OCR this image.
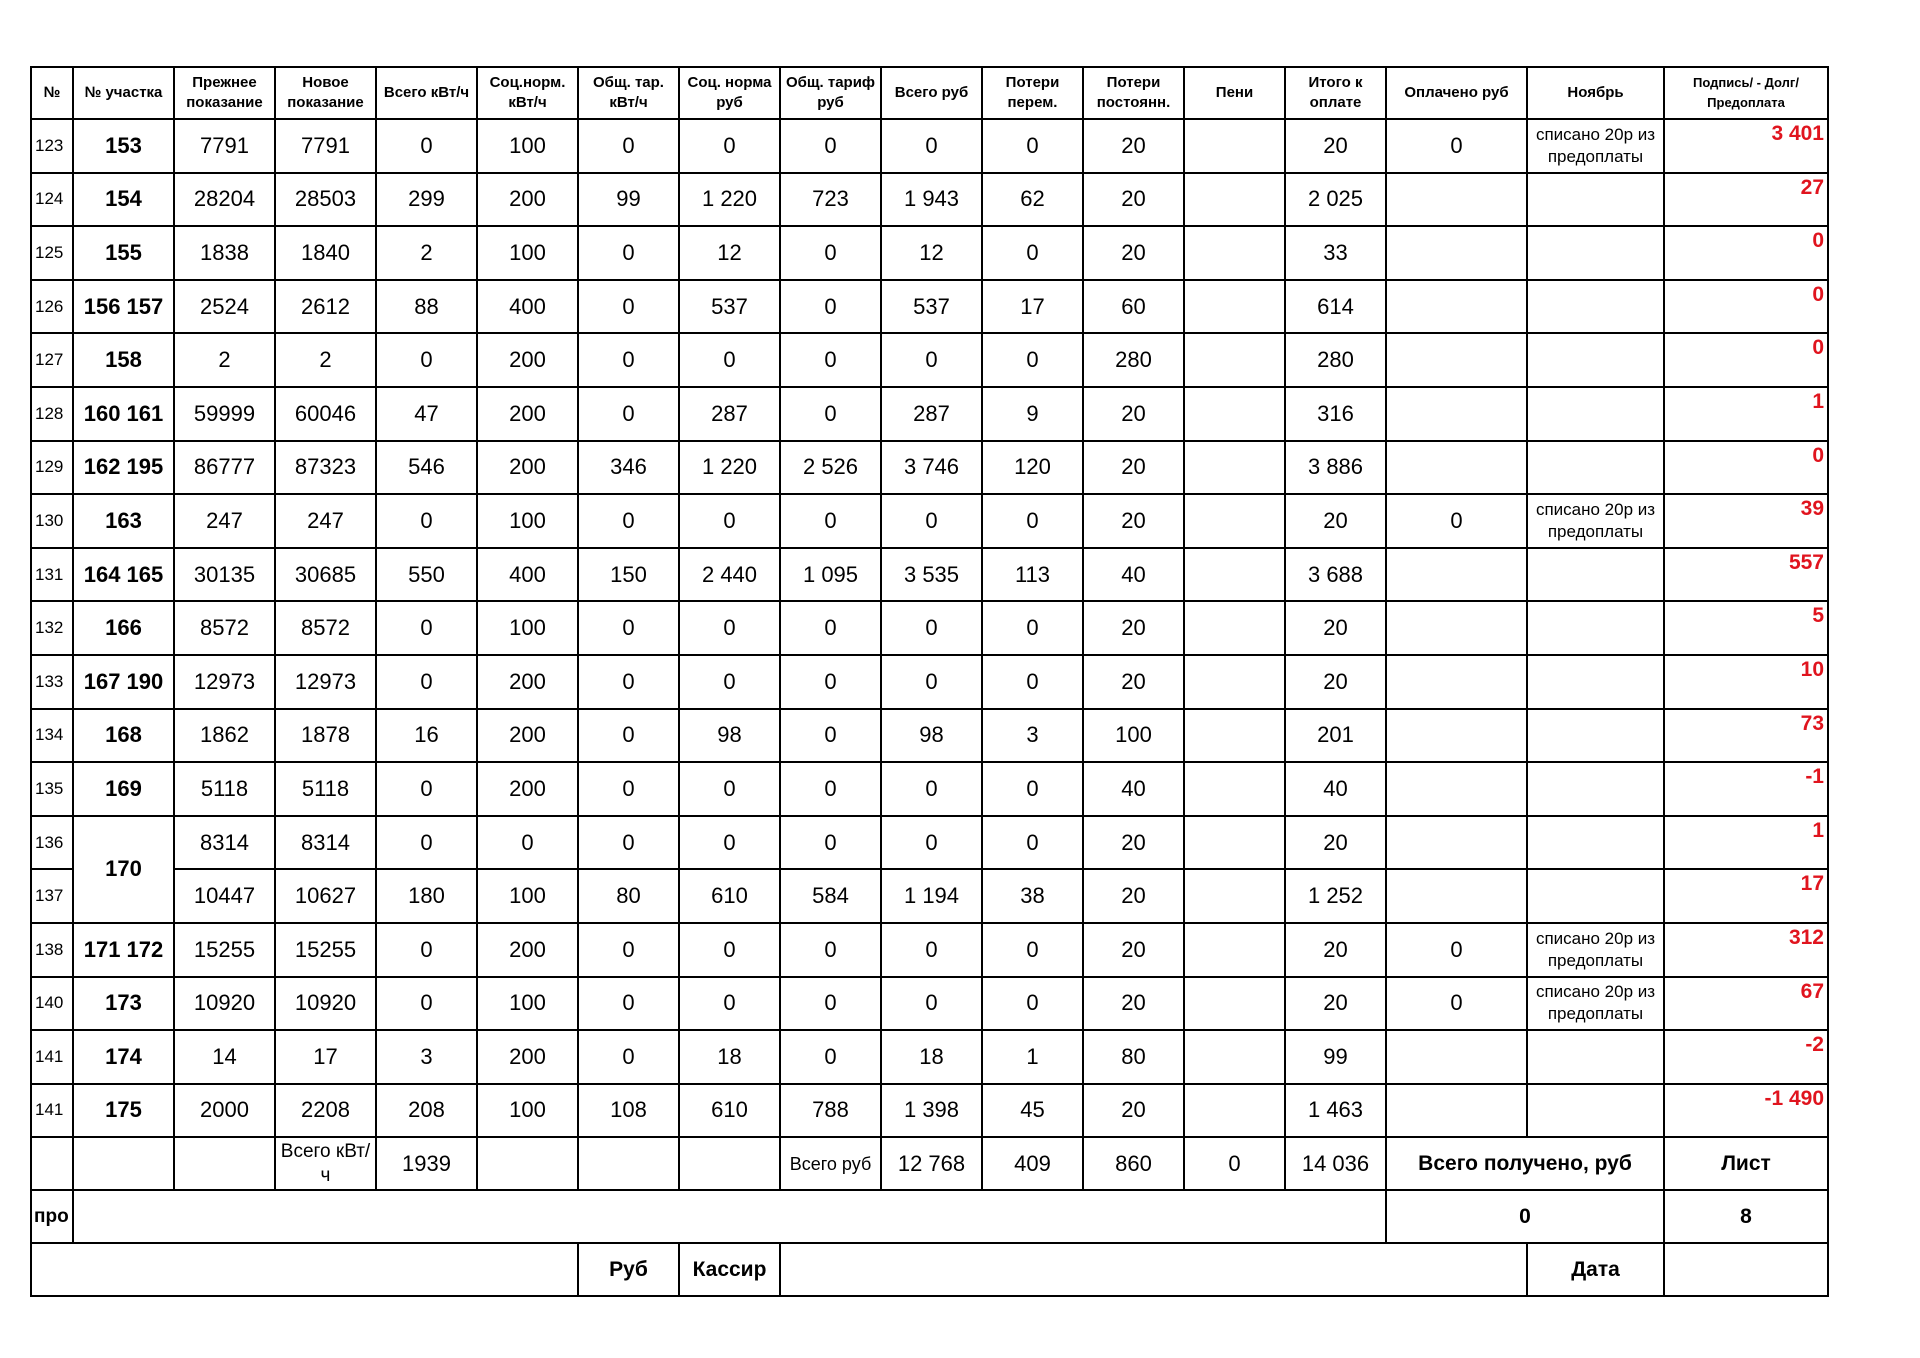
№	№ участка	Прежнее показание	Новое показание	Всего кВт/ч	Соц.норм. кВт/ч	Общ. тар. кВт/ч	Соц. норма руб	Общ. тариф руб	Всего руб	Потери перем.	Потери постоянн.	Пени	Итого к оплате	Оплачено руб	Ноябрь	Подпись/ - Долг/Предоплата
123	153	7791	7791	0	100	0	0	0	0	0	20		20	0	списано 20р из предоплаты	3 401
124	154	28204	28503	299	200	99	1 220	723	1 943	62	20		2 025			27
125	155	1838	1840	2	100	0	12	0	12	0	20		33			0
126	156 157	2524	2612	88	400	0	537	0	537	17	60		614			0
127	158	2	2	0	200	0	0	0	0	0	280		280			0
128	160 161	59999	60046	47	200	0	287	0	287	9	20		316			1
129	162 195	86777	87323	546	200	346	1 220	2 526	3 746	120	20		3 886			0
130	163	247	247	0	100	0	0	0	0	0	20		20	0	списано 20р из предоплаты	39
131	164 165	30135	30685	550	400	150	2 440	1 095	3 535	113	40		3 688			557
132	166	8572	8572	0	100	0	0	0	0	0	20		20			5
133	167 190	12973	12973	0	200	0	0	0	0	0	20		20			10
134	168	1862	1878	16	200	0	98	0	98	3	100		201			73
135	169	5118	5118	0	200	0	0	0	0	0	40		40			-1
136	170	8314	8314	0	0	0	0	0	0	0	20		20			1
137		10447	10627	180	100	80	610	584	1 194	38	20		1 252			17
138	171 172	15255	15255	0	200	0	0	0	0	0	20		20	0	списано 20р из предоплаты	312
140	173	10920	10920	0	100	0	0	0	0	0	20		20	0	списано 20р из предоплаты	67
141	174	14	17	3	200	0	18	0	18	1	80		99			-2
141	175	2000	2208	208	100	108	610	788	1 398	45	20		1 463			-1 490
			Всего кВт/ч	1939				Всего руб	12 768	409	860	0	14 036	Всего получено, руб		Лист
про														0		8
						Руб	Кассир								Дата	
